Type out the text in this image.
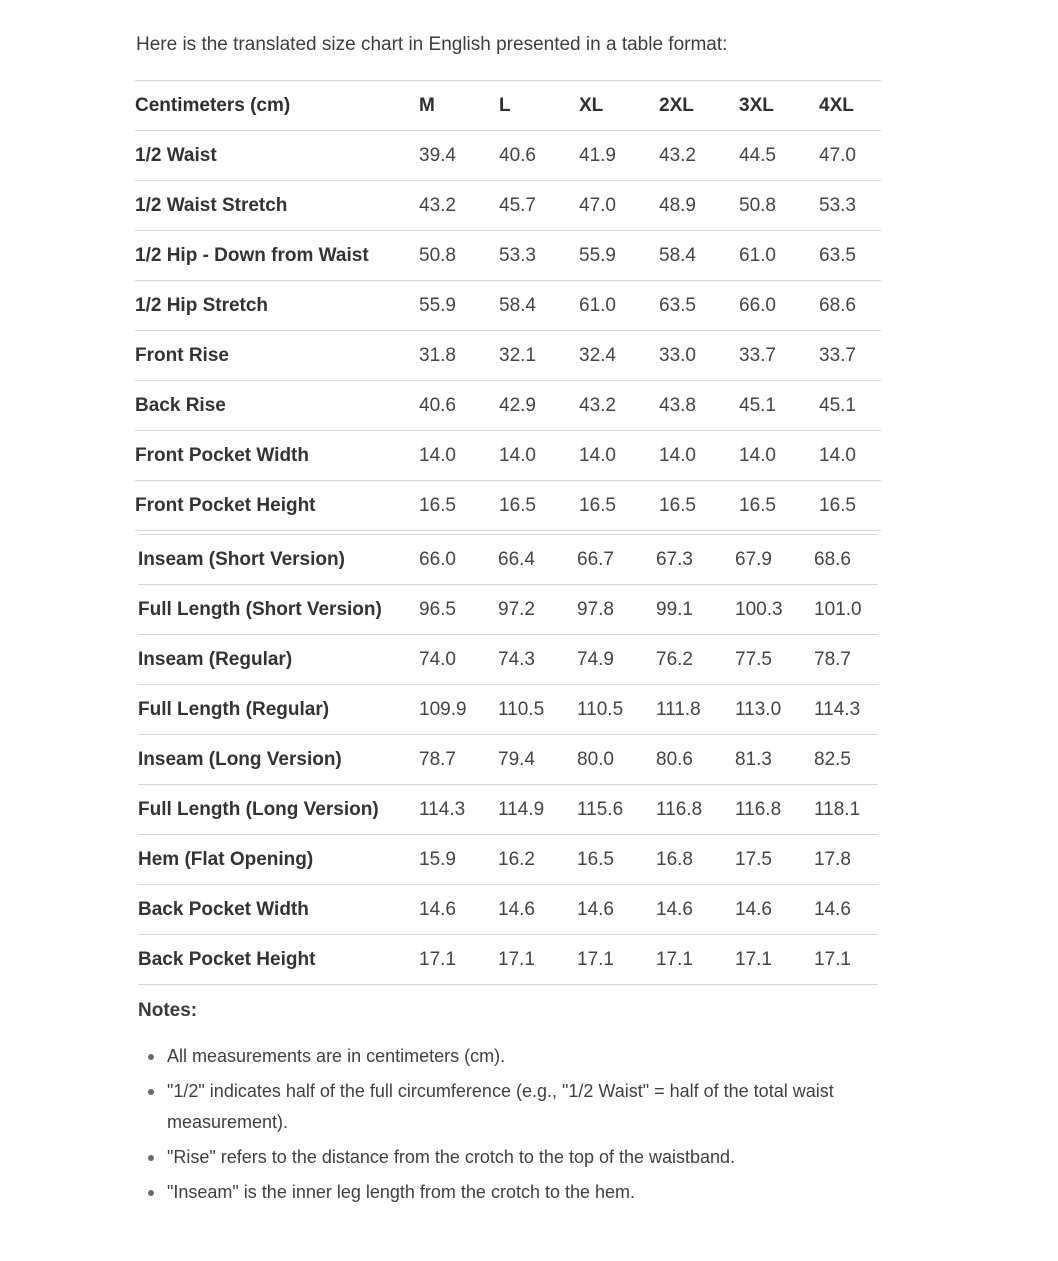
Here is the translated size chart in English presented in a table format:
Centimeters (cm)	M	L	XL	2XL	3XL	4XL
1/2 Waist	39.4	40.6	41.9	43.2	44.5	47.0
1/2 Waist Stretch	43.2	45.7	47.0	48.9	50.8	53.3
1/2 Hip - Down from Waist	50.8	53.3	55.9	58.4	61.0	63.5
1/2 Hip Stretch	55.9	58.4	61.0	63.5	66.0	68.6
Front Rise	31.8	32.1	32.4	33.0	33.7	33.7
Back Rise	40.6	42.9	43.2	43.8	45.1	45.1
Front Pocket Width	14.0	14.0	14.0	14.0	14.0	14.0
Front Pocket Height	16.5	16.5	16.5	16.5	16.5	16.5
Inseam (Short Version)	66.0	66.4	66.7	67.3	67.9	68.6
Full Length (Short Version)	96.5	97.2	97.8	99.1	100.3	101.0
Inseam (Regular)	74.0	74.3	74.9	76.2	77.5	78.7
Full Length (Regular)	109.9	110.5	110.5	111.8	113.0	114.3
Inseam (Long Version)	78.7	79.4	80.0	80.6	81.3	82.5
Full Length (Long Version)	114.3	114.9	115.6	116.8	116.8	118.1
Hem (Flat Opening)	15.9	16.2	16.5	16.8	17.5	17.8
Back Pocket Width	14.6	14.6	14.6	14.6	14.6	14.6
Back Pocket Height	17.1	17.1	17.1	17.1	17.1	17.1
Notes:
All measurements are in centimeters (cm).
"1/2" indicates half of the full circumference (e.g., "1/2 Waist" = half of the total waist measurement).
"Rise" refers to the distance from the crotch to the top of the waistband.
"Inseam" is the inner leg length from the crotch to the hem.
